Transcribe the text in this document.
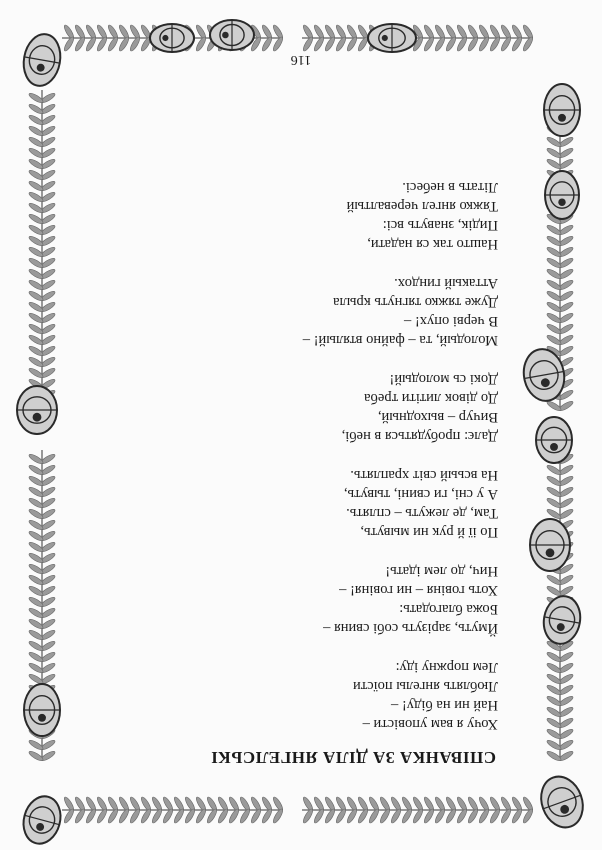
СПІВАНКА ЗА ДІЛА ЯНГЕЛСЬКІ
Хочу я вам уповісти –
Най ни на біду! –
Люблять янгелы поїсти
Лем поржну іду:
Ймуть, зарізуть собі свиня –
Божа благодать:
Хоть говіня – ни говіня! –
Нич, до лем ідать!
По ії й рук ни мывуть,
Там, де лежуть – сплять.
А у сні, ги свині, тывуть,
На всьый світ храплять.
Далє: пробудяться в небі,
Вичур – выходный,
До дівок литіти треба
Докі сь молодый!
Молодый, та – файно втялый! –
В черві опух! –
Дуже тяжко тягнуть крыла
Аттакый гиндох.
Нашто так ся надати,
Пидік, знавуть всі:
Тяжко янгел черевалтый
Літать в небесі.
116
